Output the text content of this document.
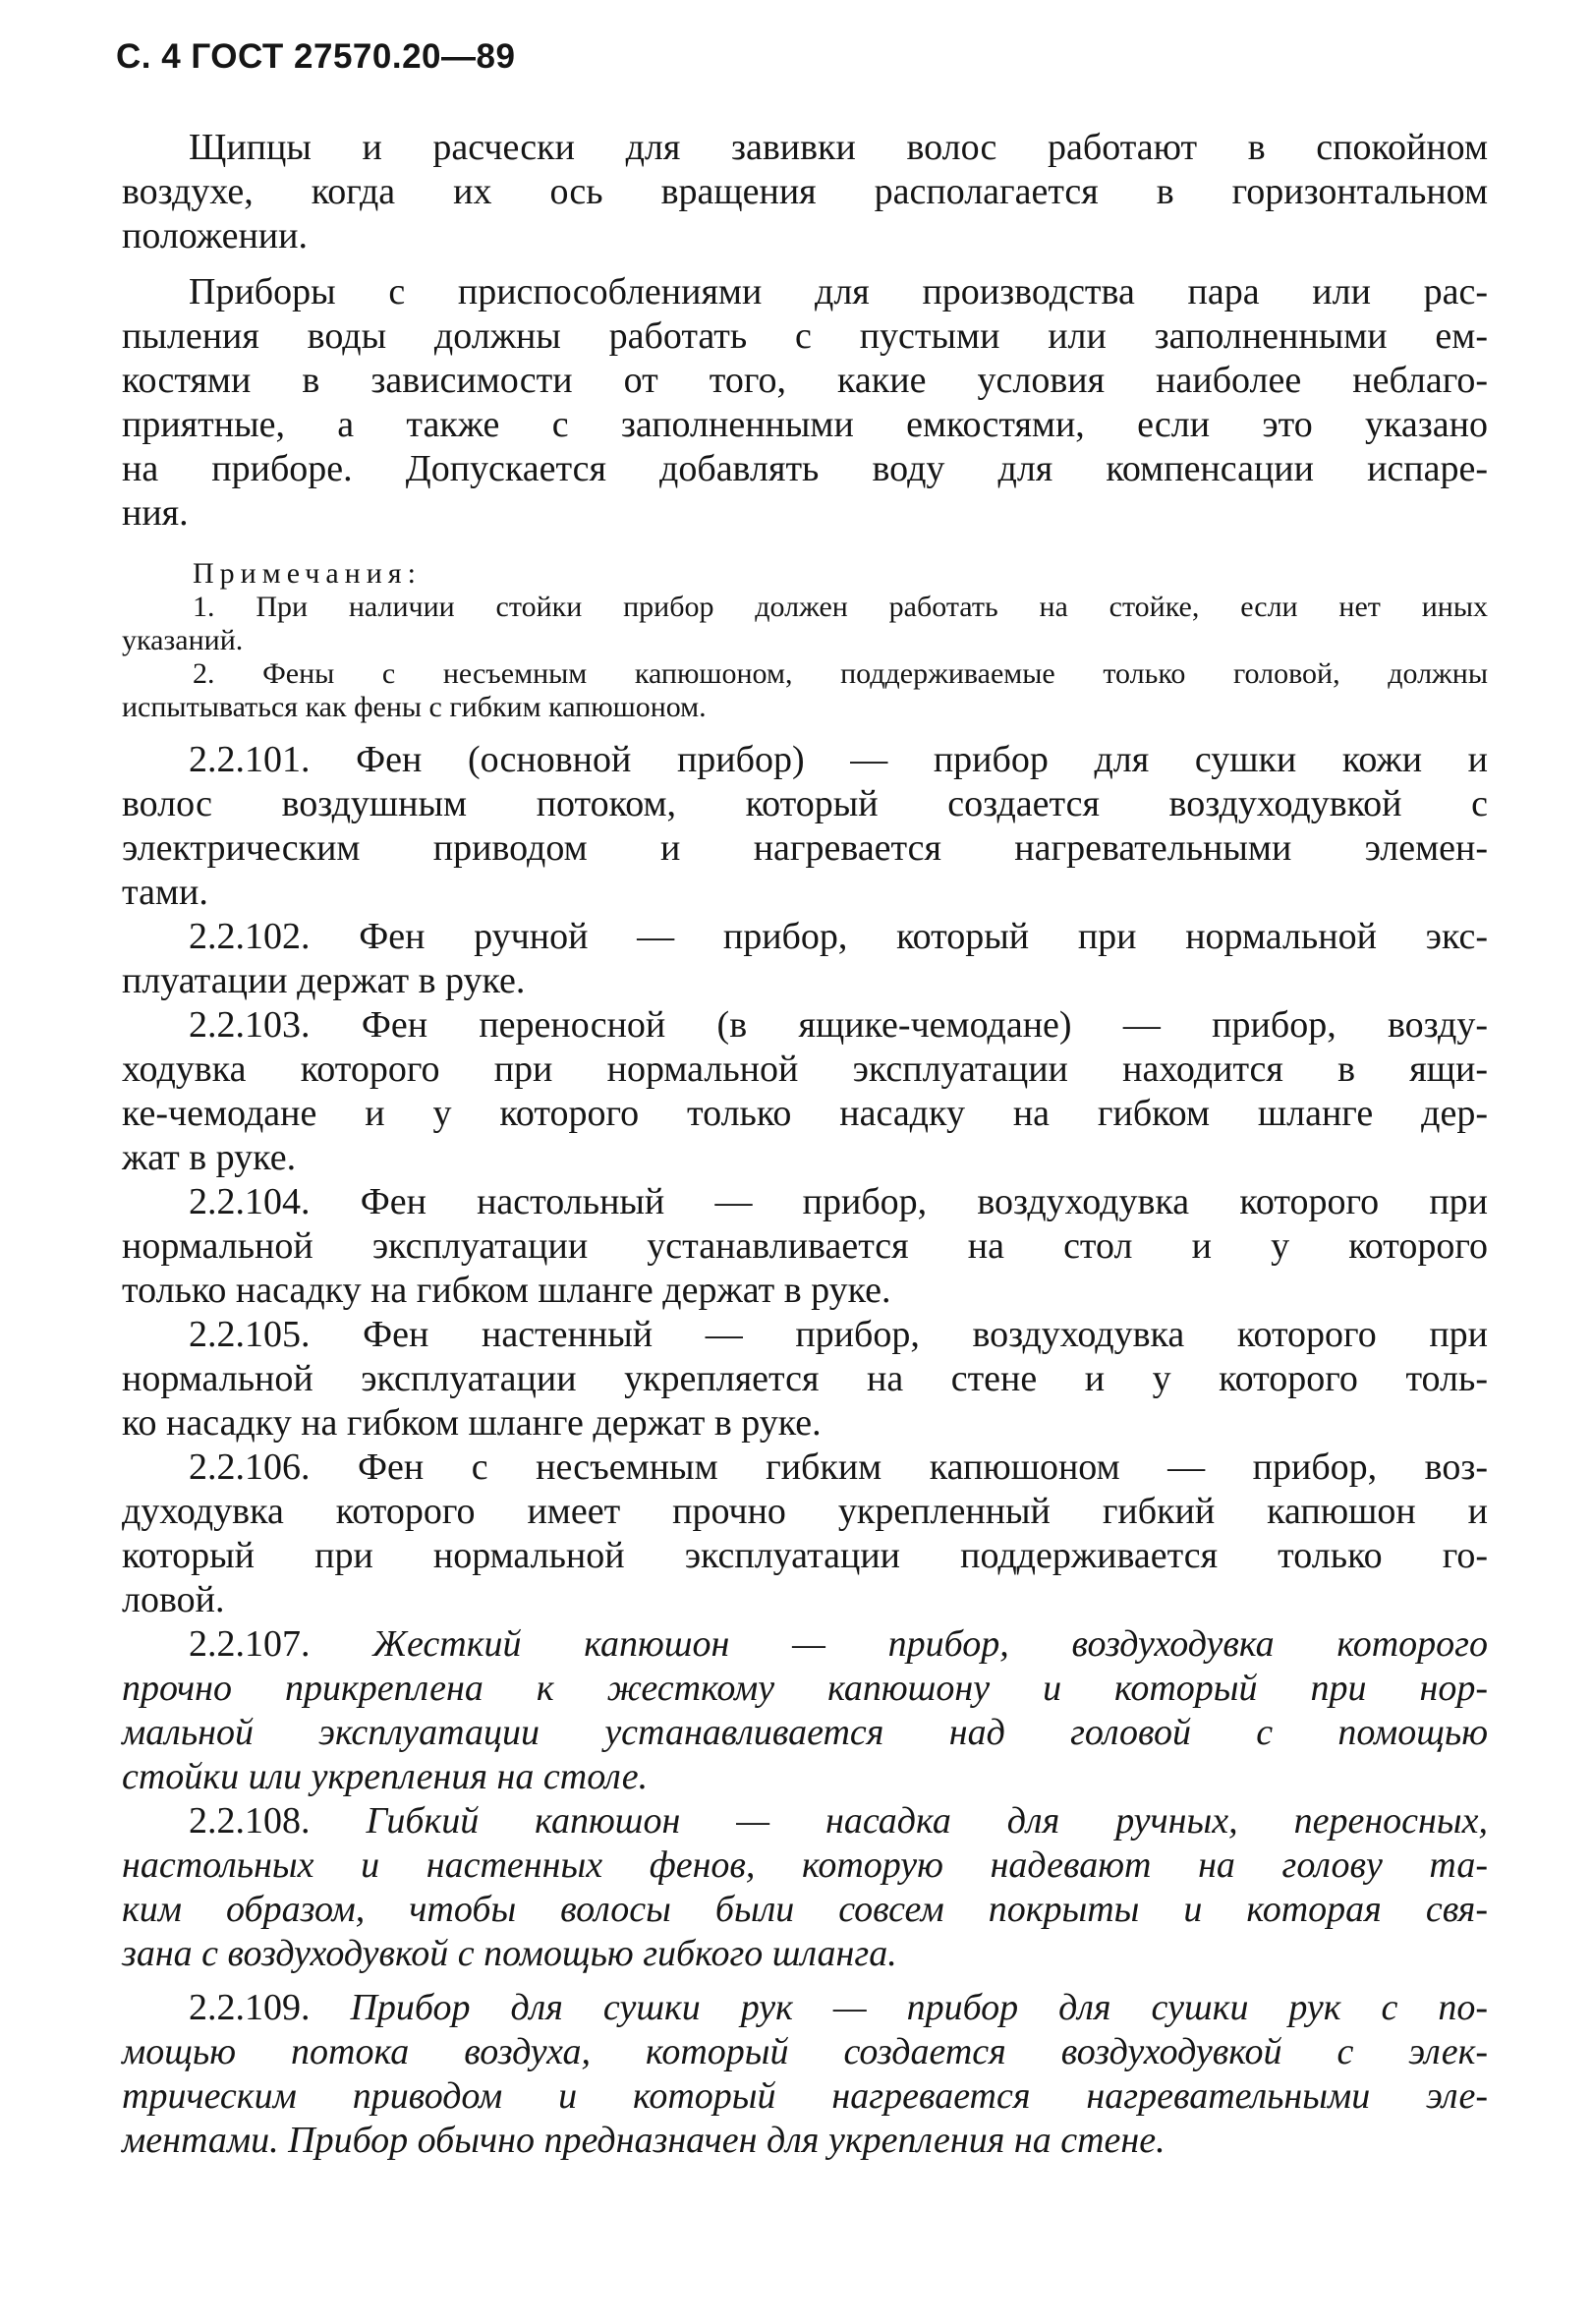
С. 4 ГОСТ 27570.20—89
Щипцы и расчески для завивки волос работают в спокойном
воздухе, когда их ось вращения располагается в горизонтальном
положении.
Приборы с приспособлениями для производства пара или рас-
пыления воды должны работать с пустыми или заполненными ем-
костями в зависимости от того, какие условия наиболее неблаго-
приятные, а также с заполненными емкостями, если это указано
на приборе. Допускается добавлять воду для компенсации испаре-
ния.
Примечания:
1. При наличии стойки прибор должен работать на стойке, если нет иных
указаний.
2. Фены с несъемным капюшоном, поддерживаемые только головой, должны
испытываться как фены с гибким капюшоном.
2.2.101. Фен (основной прибор) — прибор для сушки кожи и
волос воздушным потоком, который создается воздуходувкой с
электрическим приводом и нагревается нагревательными элемен-
тами.
2.2.102. Фен ручной — прибор, который при нормальной экс-
плуатации держат в руке.
2.2.103. Фен переносной (в ящике-чемодане) — прибор, возду-
ходувка которого при нормальной эксплуатации находится в ящи-
ке-чемодане и у которого только насадку на гибком шланге дер-
жат в руке.
2.2.104. Фен настольный — прибор, воздуходувка которого при
нормальной эксплуатации устанавливается на стол и у которого
только насадку на гибком шланге держат в руке.
2.2.105. Фен настенный — прибор, воздуходувка которого при
нормальной эксплуатации укрепляется на стене и у которого толь-
ко насадку на гибком шланге держат в руке.
2.2.106. Фен с несъемным гибким капюшоном — прибор, воз-
духодувка которого имеет прочно укрепленный гибкий капюшон и
который при нормальной эксплуатации поддерживается только го-
ловой.
2.2.107. Жесткий капюшон — прибор, воздуходувка которого
прочно прикреплена к жесткому капюшону и который при нор-
мальной эксплуатации устанавливается над головой с помощью
стойки или укрепления на столе.
2.2.108. Гибкий капюшон — насадка для ручных, переносных,
настольных и настенных фенов, которую надевают на голову та-
ким образом, чтобы волосы были совсем покрыты и которая свя-
зана с воздуходувкой с помощью гибкого шланга.
2.2.109. Прибор для сушки рук — прибор для сушки рук с по-
мощью потока воздуха, который создается воздуходувкой с элек-
трическим приводом и который нагревается нагревательными эле-
ментами. Прибор обычно предназначен для укрепления на стене.
